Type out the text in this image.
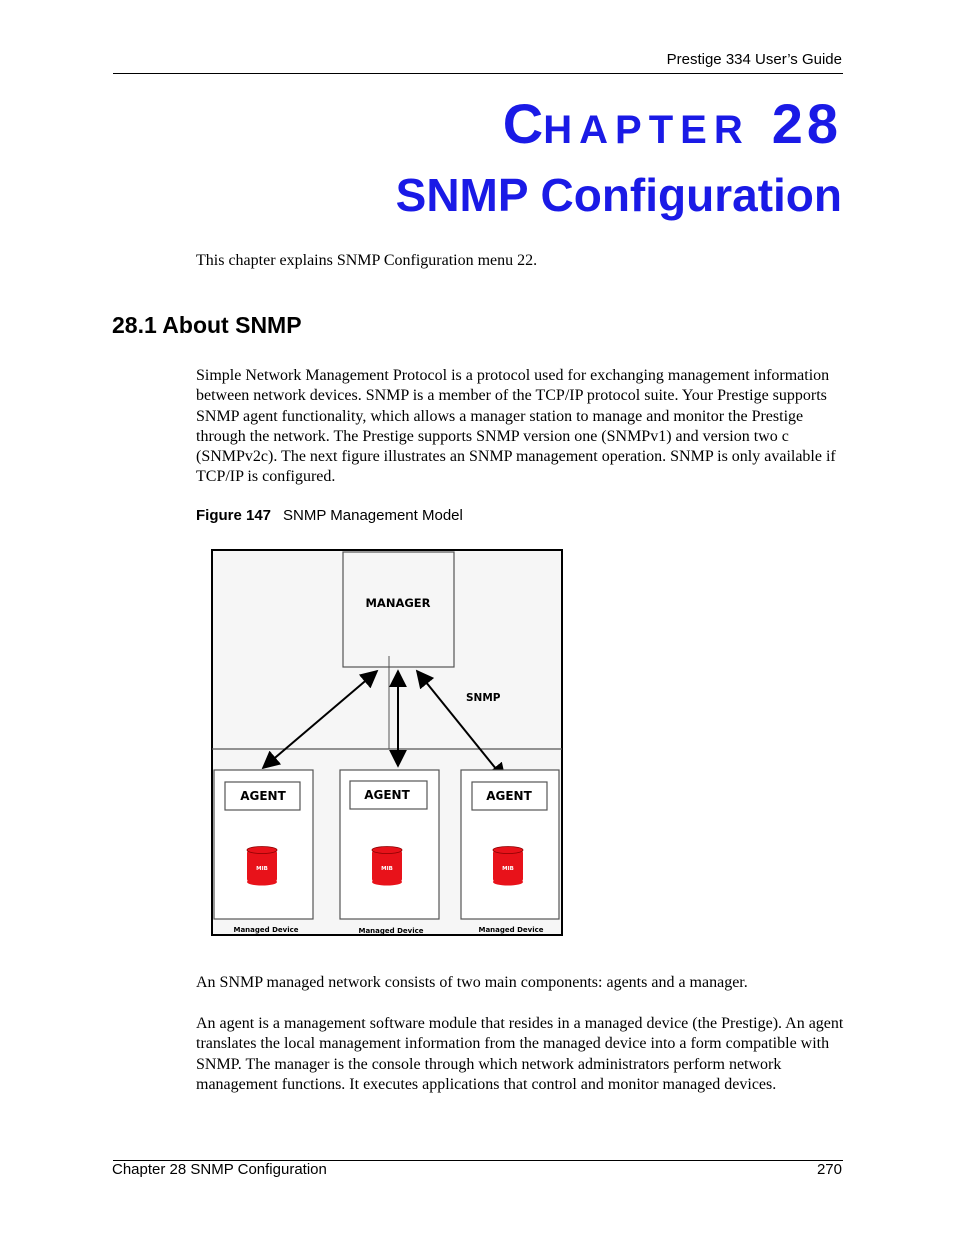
Prestige 334 User’s Guide
CHAPTER 28
SNMP Configuration
This chapter explains SNMP Configuration menu 22.
28.1 About SNMP
Simple Network Management Protocol is a protocol used for exchanging management information between network devices. SNMP is a member of the TCP/IP protocol suite. Your Prestige supports SNMP agent functionality, which allows a manager station to manage and monitor the Prestige through the network. The Prestige supports SNMP version one (SNMPv1) and version two c (SNMPv2c). The next figure illustrates an SNMP management operation. SNMP is only available if TCP/IP is configured.
Figure 147 SNMP Management Model
MANAGER
SNMP
AGENT
MIB
Managed Device
AGENT
MIB
Managed Device
AGENT
MIB
Managed Device
An SNMP managed network consists of two main components: agents and a manager.
An agent is a management software module that resides in a managed device (the Prestige). An agent translates the local management information from the managed device into a form compatible with SNMP. The manager is the console through which network administrators perform network management functions. It executes applications that control and monitor managed devices.
Chapter 28 SNMP Configuration	270
